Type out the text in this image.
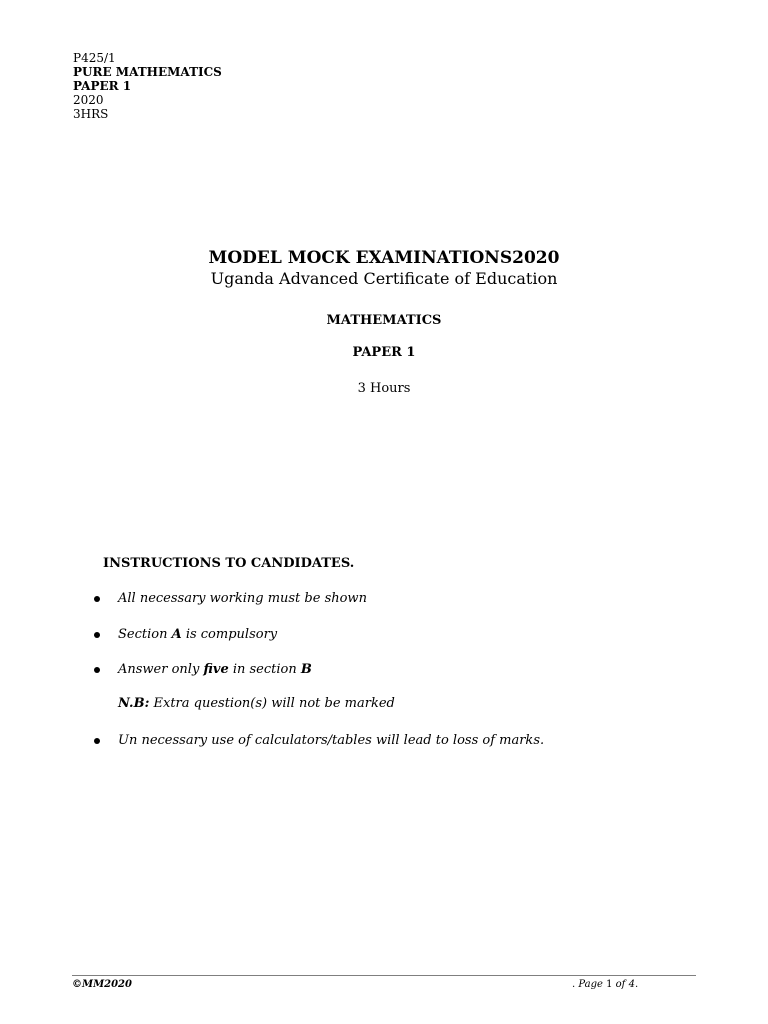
P425/1
PURE MATHEMATICS
PAPER 1
2020
3HRS
MODEL MOCK EXAMINATIONS2020
Uganda Advanced Certificate of Education
MATHEMATICS
PAPER 1
3 Hours
INSTRUCTIONS TO CANDIDATES.
All necessary working must be shown
Section A is compulsory
Answer only five in section B
N.B: Extra question(s) will not be marked
Un necessary use of calculators/tables will lead to loss of marks.
©MM2020	. Page 1 of 4.
